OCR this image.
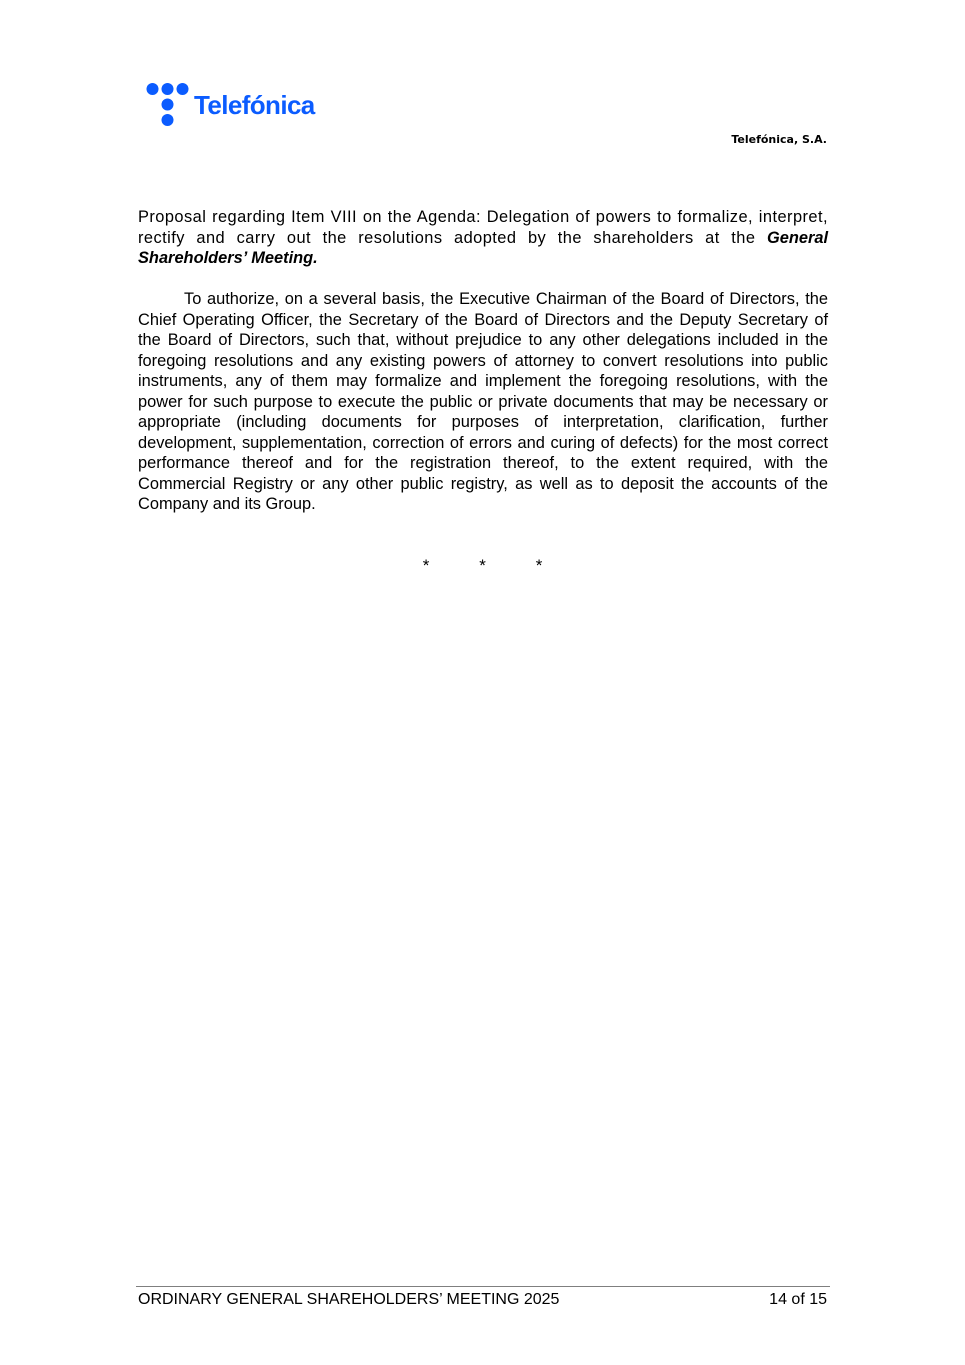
Telefónica
Telefónica, S.A.

Proposal regarding Item VIII on the Agenda: Delegation of powers to formalize, interpret, rectify and carry out the resolutions adopted by the shareholders at the General Shareholders’ Meeting.

To authorize, on a several basis, the Executive Chairman of the Board of Directors, the Chief Operating Officer, the Secretary of the Board of Directors and the Deputy Secretary of the Board of Directors, such that, without prejudice to any other delegations included in the foregoing resolutions and any existing powers of attorney to convert resolutions into public instruments, any of them may formalize and implement the foregoing resolutions, with the power for such purpose to execute the public or private documents that may be necessary or appropriate (including documents for purposes of interpretation, clarification, further development, supplementation, correction of errors and curing of defects) for the most correct performance thereof and for the registration thereof, to the extent required, with the Commercial Registry or any other public registry, as well as to deposit the accounts of the Company and its Group.

*	*	*
ORDINARY GENERAL SHAREHOLDERS’ MEETING 2025	14 of 15
